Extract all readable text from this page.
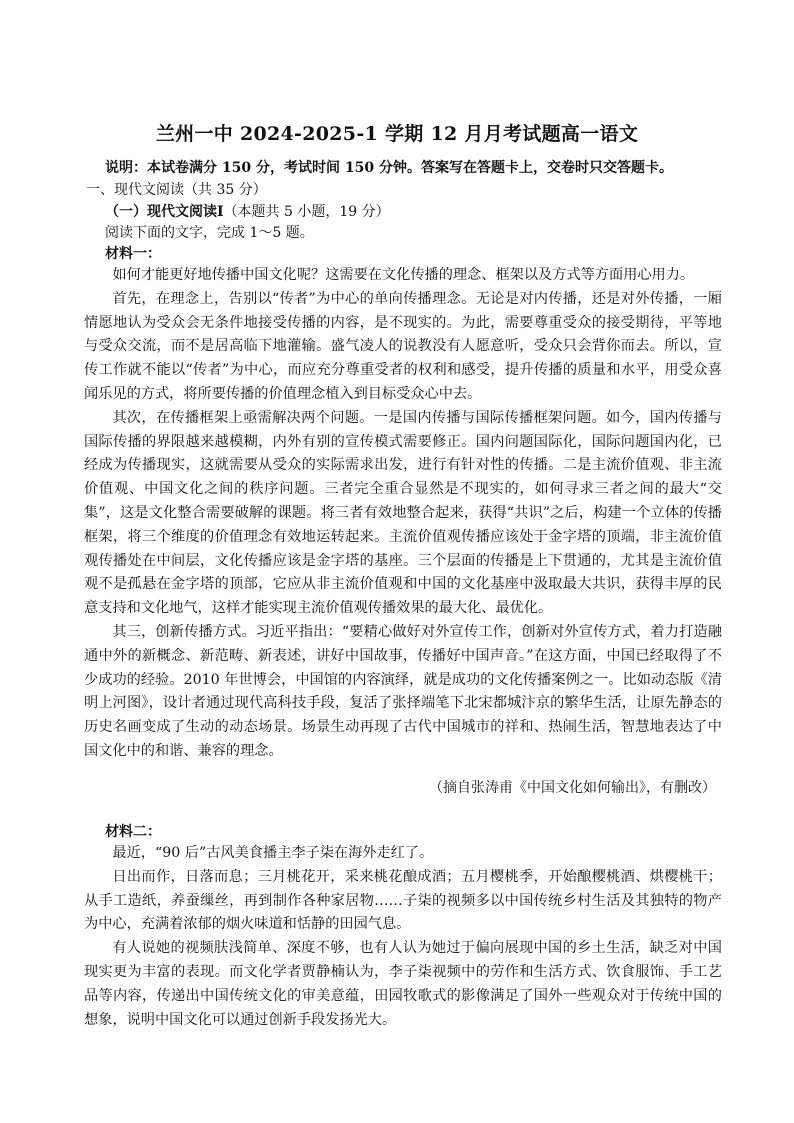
兰州一中 2024-2025-1 学期 12 月月考试题高一语文
说明：本试卷满分 150 分，考试时间 150 分钟。答案写在答题卡上，交卷时只交答题卡。
一、现代文阅读（共 35 分）
（一）现代文阅读Ⅰ（本题共 5 小题，19 分）
阅读下面的文字，完成 1～5 题。
材料一：

如何才能更好地传播中国文化呢？这需要在文化传播的理念、框架以及方式等方面用心用力。

首先，在理念上，告别以“传者”为中心的单向传播理念。无论是对内传播，还是对外传播，一厢情愿地认为受众会无条件地接受传播的内容，是不现实的。为此，需要尊重受众的接受期待，平等地与受众交流，而不是居高临下地灌输。盛气凌人的说教没有人愿意听，受众只会背你而去。所以，宣传工作就不能以“传者”为中心，而应充分尊重受者的权利和感受，提升传播的质量和水平，用受众喜闻乐见的方式，将所要传播的价值理念植入到目标受众心中去。

其次，在传播框架上亟需解决两个问题。一是国内传播与国际传播框架问题。如今，国内传播与国际传播的界限越来越模糊，内外有别的宣传模式需要修正。国内问题国际化，国际问题国内化，已经成为传播现实，这就需要从受众的实际需求出发，进行有针对性的传播。二是主流价值观、非主流价值观、中国文化之间的秩序问题。三者完全重合显然是不现实的，如何寻求三者之间的最大“交集”，这是文化整合需要破解的课题。将三者有效地整合起来，获得“共识”之后，构建一个立体的传播框架，将三个维度的价值理念有效地运转起来。主流价值观传播应该处于金字塔的顶端，非主流价值观传播处在中间层，文化传播应该是金字塔的基座。三个层面的传播是上下贯通的，尤其是主流价值观不是孤悬在金字塔的顶部，它应从非主流价值观和中国的文化基座中汲取最大共识，获得丰厚的民意支持和文化地气，这样才能实现主流价值观传播效果的最大化、最优化。

其三，创新传播方式。习近平指出：“要精心做好对外宣传工作，创新对外宣传方式，着力打造融通中外的新概念、新范畴、新表述，讲好中国故事，传播好中国声音。”在这方面，中国已经取得了不少成功的经验。2010 年世博会，中国馆的内容演绎，就是成功的文化传播案例之一。比如动态版《清明上河图》，设计者通过现代高科技手段，复活了张择端笔下北宋都城汴京的繁华生活，让原先静态的历史名画变成了生动的动态场景。场景生动再现了古代中国城市的祥和、热闹生活，智慧地表达了中国文化中的和谐、兼容的理念。

（摘自张涛甫《中国文化如何输出》，有删改）
材料二：

最近，“90 后”古风美食播主李子柒在海外走红了。

日出而作，日落而息；三月桃花开，采来桃花酿成酒；五月樱桃季，开始酿樱桃酒、烘樱桃干；从手工造纸，养蚕缫丝，再到制作各种家居物……子柒的视频多以中国传统乡村生活及其独特的物产为中心，充满着浓郁的烟火味道和恬静的田园气息。

有人说她的视频肤浅简单、深度不够，也有人认为她过于偏向展现中国的乡土生活，缺乏对中国现实更为丰富的表现。而文化学者贾静楠认为，李子柒视频中的劳作和生活方式、饮食服饰、手工艺品等内容，传递出中国传统文化的审美意蕴，田园牧歌式的影像满足了国外一些观众对于传统中国的想象，说明中国文化可以通过创新手段发扬光大。
